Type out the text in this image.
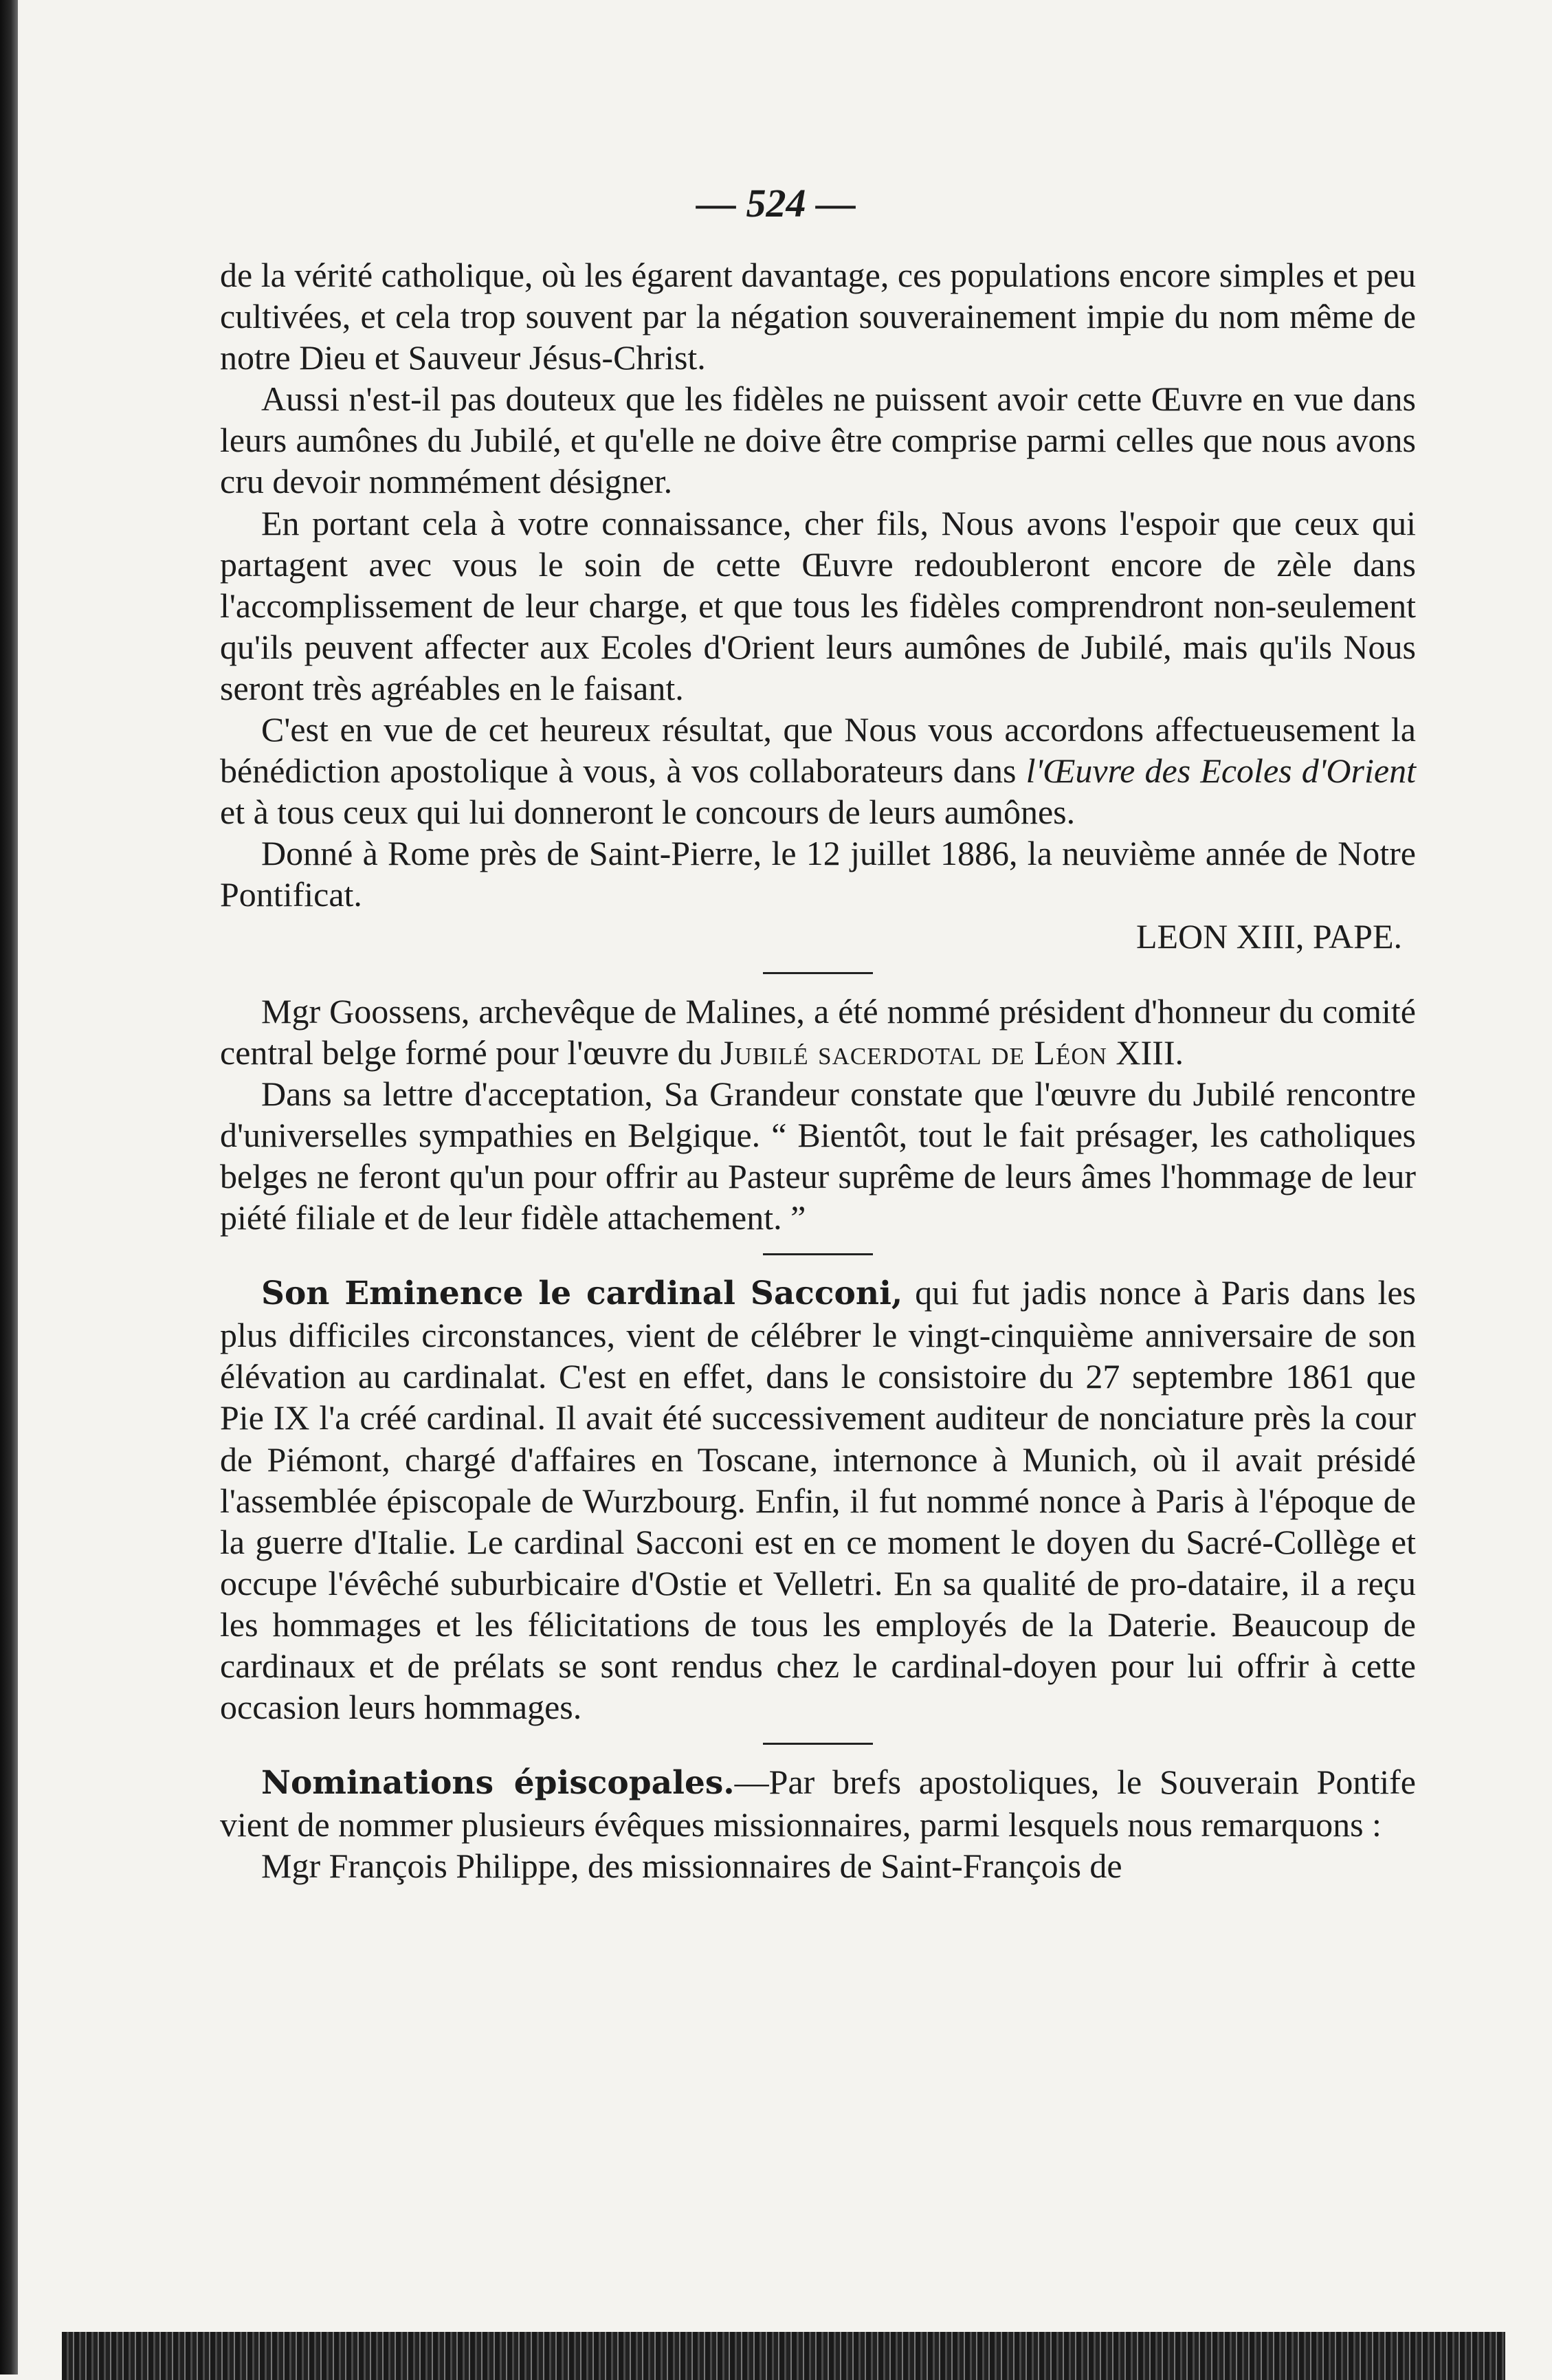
— 524 —

de la vérité catholique, où les égarent davantage, ces populations encore simples et peu cultivées, et cela trop souvent par la négation souverainement impie du nom même de notre Dieu et Sauveur Jésus-Christ.

Aussi n'est-il pas douteux que les fidèles ne puissent avoir cette Œuvre en vue dans leurs aumônes du Jubilé, et qu'elle ne doive être comprise parmi celles que nous avons cru devoir nommément désigner.

En portant cela à votre connaissance, cher fils, Nous avons l'espoir que ceux qui partagent avec vous le soin de cette Œuvre redoubleront encore de zèle dans l'accomplissement de leur charge, et que tous les fidèles comprendront non-seulement qu'ils peuvent affecter aux Ecoles d'Orient leurs aumônes de Jubilé, mais qu'ils Nous seront très agréables en le faisant.

C'est en vue de cet heureux résultat, que Nous vous accordons affectueusement la bénédiction apostolique à vous, à vos collaborateurs dans l'Œuvre des Ecoles d'Orient et à tous ceux qui lui donneront le concours de leurs aumônes.

Donné à Rome près de Saint-Pierre, le 12 juillet 1886, la neuvième année de Notre Pontificat.

LEON XIII, PAPE.

Mgr Goossens, archevêque de Malines, a été nommé président d'honneur du comité central belge formé pour l'œuvre du Jubilé sacerdotal de Léon XIII.

Dans sa lettre d'acceptation, Sa Grandeur constate que l'œuvre du Jubilé rencontre d'universelles sympathies en Belgique. “ Bientôt, tout le fait présager, les catholiques belges ne feront qu'un pour offrir au Pasteur suprême de leurs âmes l'hommage de leur piété filiale et de leur fidèle attachement. ”

Son Eminence le cardinal Sacconi, qui fut jadis nonce à Paris dans les plus difficiles circonstances, vient de célébrer le vingt-cinquième anniversaire de son élévation au cardinalat. C'est en effet, dans le consistoire du 27 septembre 1861 que Pie IX l'a créé cardinal. Il avait été successivement auditeur de nonciature près la cour de Piémont, chargé d'affaires en Toscane, internonce à Munich, où il avait présidé l'assemblée épiscopale de Wurzbourg. Enfin, il fut nommé nonce à Paris à l'époque de la guerre d'Italie. Le cardinal Sacconi est en ce moment le doyen du Sacré-Collège et occupe l'évêché suburbicaire d'Ostie et Velletri. En sa qualité de pro-dataire, il a reçu les hommages et les félicitations de tous les employés de la Daterie. Beaucoup de cardinaux et de prélats se sont rendus chez le cardinal-doyen pour lui offrir à cette occasion leurs hommages.

Nominations épiscopales.—Par brefs apostoliques, le Souverain Pontife vient de nommer plusieurs évêques missionnaires, parmi lesquels nous remarquons :

Mgr François Philippe, des missionnaires de Saint-François de
